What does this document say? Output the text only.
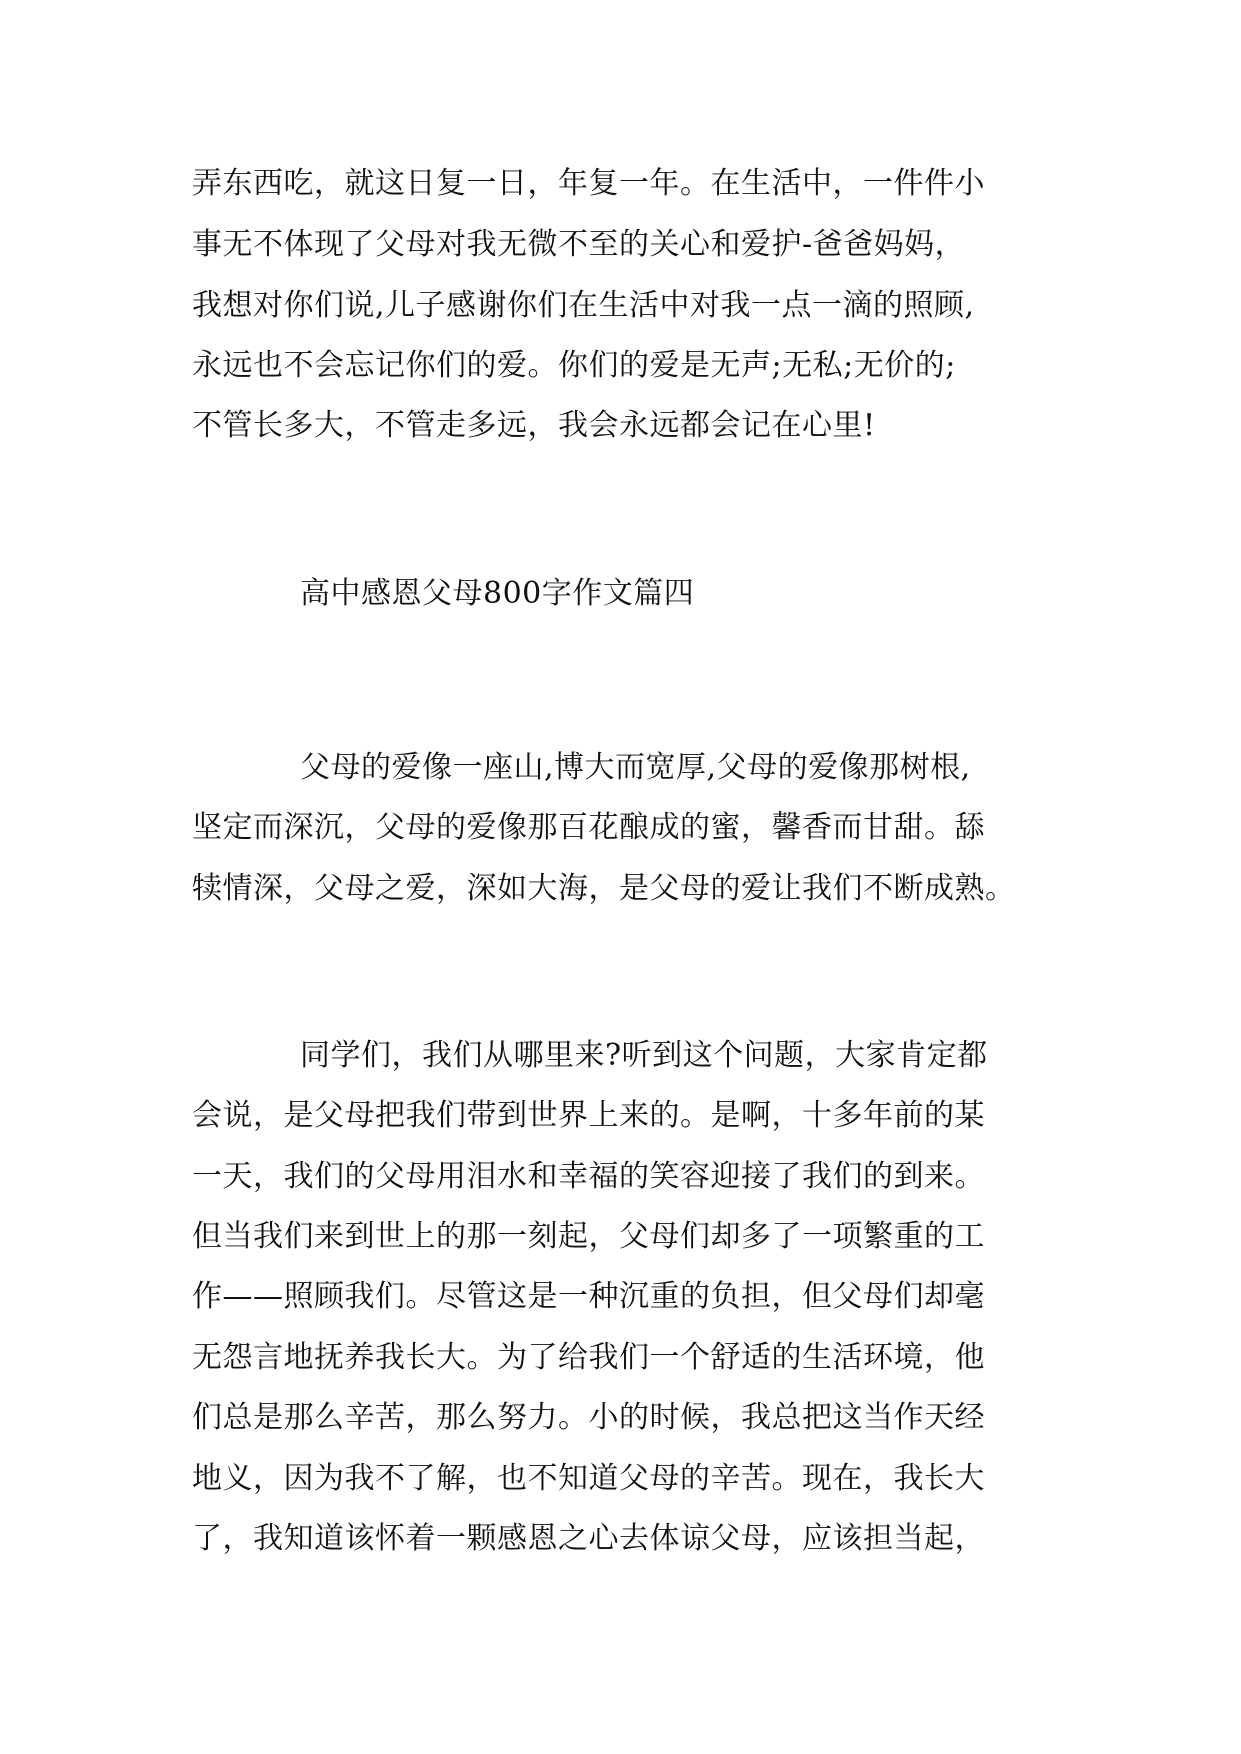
弄东西吃，就这日复一日，年复一年。在生活中，一件件小
事无不体现了父母对我无微不至的关心和爱护-爸爸妈妈，
我想对你们说,儿子感谢你们在生活中对我一点一滴的照顾,
永远也不会忘记你们的爱。你们的爱是无声;无私;无价的;
不管长多大，不管走多远，我会永远都会记在心里!
高中感恩父母800字作文篇四
父母的爱像一座山,博大而宽厚,父母的爱像那树根,
坚定而深沉，父母的爱像那百花酿成的蜜，馨香而甘甜。舔
犊情深，父母之爱，深如大海，是父母的爱让我们不断成熟。
同学们，我们从哪里来?听到这个问题，大家肯定都
会说，是父母把我们带到世界上来的。是啊，十多年前的某
一天，我们的父母用泪水和幸福的笑容迎接了我们的到来。
但当我们来到世上的那一刻起，父母们却多了一项繁重的工
作——照顾我们。尽管这是一种沉重的负担，但父母们却毫
无怨言地抚养我长大。为了给我们一个舒适的生活环境，他
们总是那么辛苦，那么努力。小的时候，我总把这当作天经
地义，因为我不了解，也不知道父母的辛苦。现在，我长大
了，我知道该怀着一颗感恩之心去体谅父母，应该担当起，
